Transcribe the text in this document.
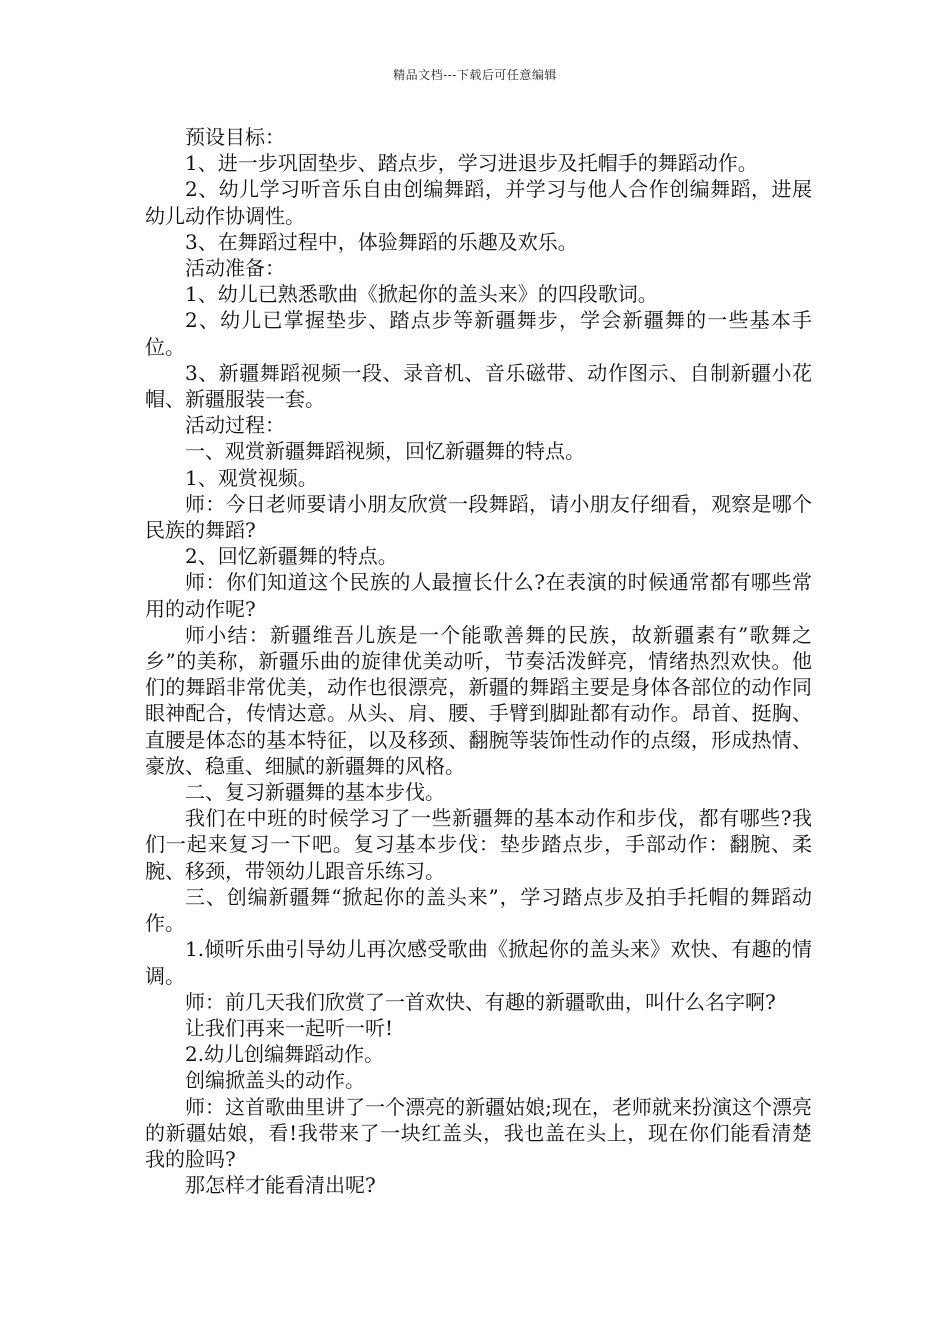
精品文档---下载后可任意编辑

预设目标：

1、进一步巩固垫步、踏点步，学习进退步及托帽手的舞蹈动作。

2、幼儿学习听音乐自由创编舞蹈，并学习与他人合作创编舞蹈，进展幼儿动作协调性。

3、在舞蹈过程中，体验舞蹈的乐趣及欢乐。

活动准备：

1、幼儿已熟悉歌曲《掀起你的盖头来》的四段歌词。

2、幼儿已掌握垫步、踏点步等新疆舞步，学会新疆舞的一些基本手位。

3、新疆舞蹈视频一段、录音机、音乐磁带、动作图示、自制新疆小花帽、新疆服装一套。

活动过程：

一、观赏新疆舞蹈视频，回忆新疆舞的特点。

1、观赏视频。

师：今日老师要请小朋友欣赏一段舞蹈，请小朋友仔细看，观察是哪个民族的舞蹈?

2、回忆新疆舞的特点。

师：你们知道这个民族的人最擅长什么?在表演的时候通常都有哪些常用的动作呢?

师小结：新疆维吾儿族是一个能歌善舞的民族，故新疆素有”歌舞之乡”的美称，新疆乐曲的旋律优美动听，节奏活泼鲜亮，情绪热烈欢快。他们的舞蹈非常优美，动作也很漂亮，新疆的舞蹈主要是身体各部位的动作同眼神配合，传情达意。从头、肩、腰、手臂到脚趾都有动作。昂首、挺胸、直腰是体态的基本特征，以及移颈、翻腕等装饰性动作的点缀，形成热情、豪放、稳重、细腻的新疆舞的风格。

二、复习新疆舞的基本步伐。

我们在中班的时候学习了一些新疆舞的基本动作和步伐，都有哪些?我们一起来复习一下吧。复习基本步伐：垫步踏点步，手部动作：翻腕、柔腕、移颈，带领幼儿跟音乐练习。

三、创编新疆舞“掀起你的盖头来”，学习踏点步及拍手托帽的舞蹈动作。

1.倾听乐曲引导幼儿再次感受歌曲《掀起你的盖头来》欢快、有趣的情调。

师：前几天我们欣赏了一首欢快、有趣的新疆歌曲，叫什么名字啊?

让我们再来一起听一听!

2.幼儿创编舞蹈动作。

创编掀盖头的动作。

师：这首歌曲里讲了一个漂亮的新疆姑娘;现在，老师就来扮演这个漂亮的新疆姑娘，看!我带来了一块红盖头，我也盖在头上，现在你们能看清楚我的脸吗?

那怎样才能看清出呢?
